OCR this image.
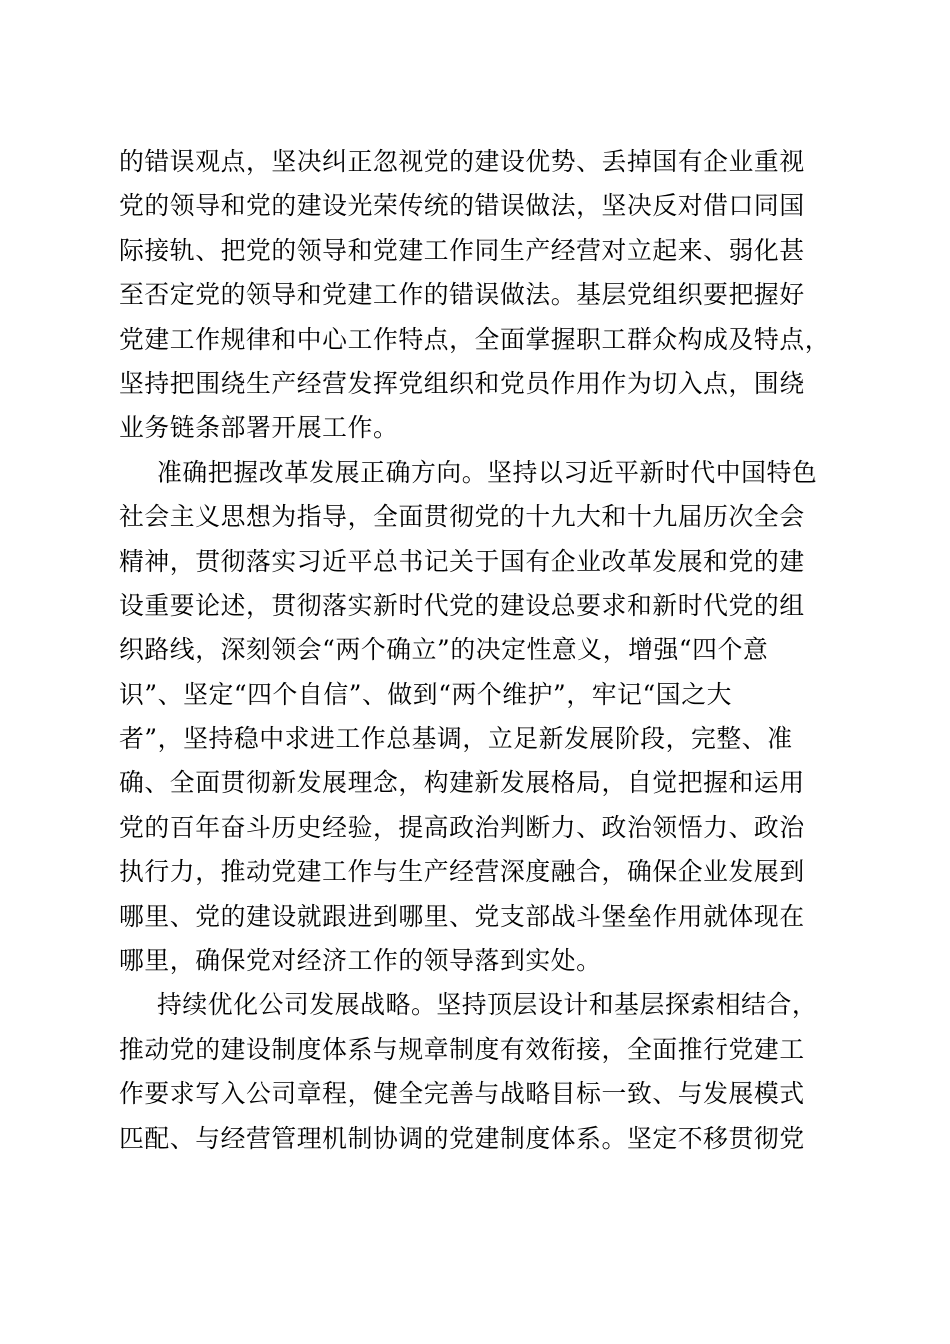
的错误观点，坚决纠正忽视党的建设优势、丢掉国有企业重视
党的领导和党的建设光荣传统的错误做法，坚决反对借口同国
际接轨、把党的领导和党建工作同生产经营对立起来、弱化甚
至否定党的领导和党建工作的错误做法。基层党组织要把握好
党建工作规律和中心工作特点，全面掌握职工群众构成及特点，
坚持把围绕生产经营发挥党组织和党员作用作为切入点，围绕
业务链条部署开展工作。
准确把握改革发展正确方向。坚持以习近平新时代中国特色
社会主义思想为指导，全面贯彻党的十九大和十九届历次全会
精神，贯彻落实习近平总书记关于国有企业改革发展和党的建
设重要论述，贯彻落实新时代党的建设总要求和新时代党的组
织路线，深刻领会“两个确立”的决定性意义，增强“四个意
识”、坚定“四个自信”、做到“两个维护”，牢记“国之大
者”，坚持稳中求进工作总基调，立足新发展阶段，完整、准
确、全面贯彻新发展理念，构建新发展格局，自觉把握和运用
党的百年奋斗历史经验，提高政治判断力、政治领悟力、政治
执行力，推动党建工作与生产经营深度融合，确保企业发展到
哪里、党的建设就跟进到哪里、党支部战斗堡垒作用就体现在
哪里，确保党对经济工作的领导落到实处。
持续优化公司发展战略。坚持顶层设计和基层探索相结合，
推动党的建设制度体系与规章制度有效衔接，全面推行党建工
作要求写入公司章程，健全完善与战略目标一致、与发展模式
匹配、与经营管理机制协调的党建制度体系。坚定不移贯彻党
